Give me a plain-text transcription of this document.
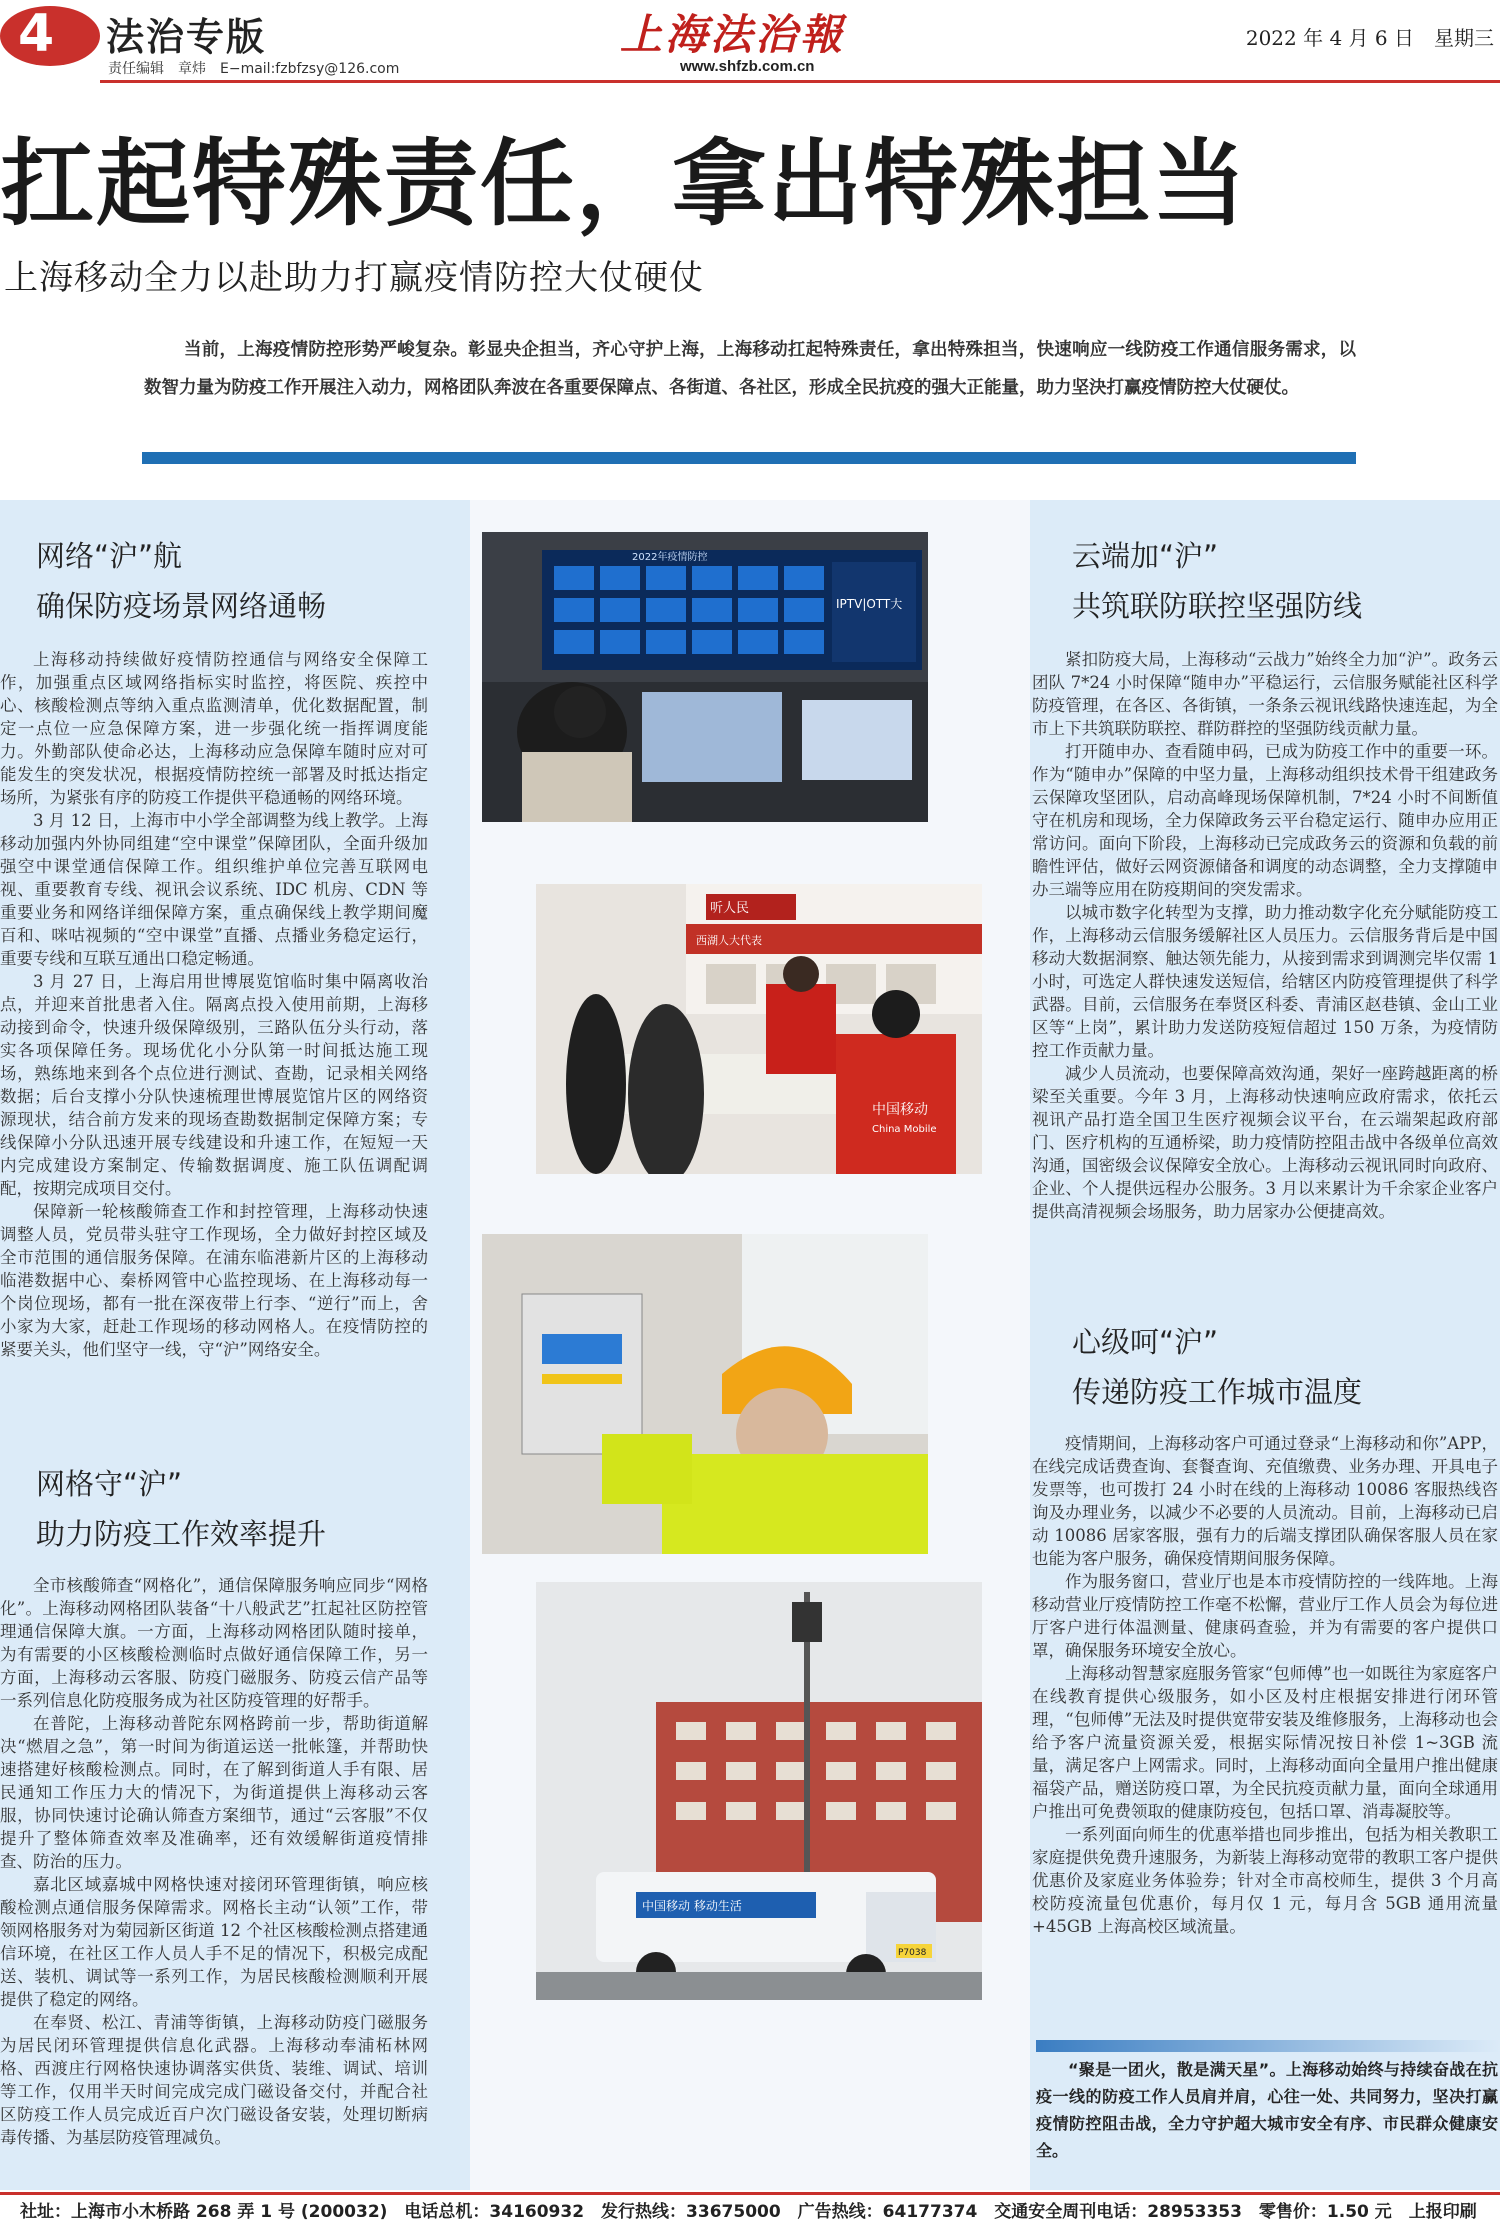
4 法治专版
责任编辑　章炜　E−mail:fzbfzsy@126.com
上海法治報
www.shfzb.com.cn
2022 年 4 月 6 日　星期三
扛起特殊责任，拿出特殊担当
上海移动全力以赴助力打赢疫情防控大仗硬仗
当前，上海疫情防控形势严峻复杂。彰显央企担当，齐心守护上海，上海移动扛起特殊责任，拿出特殊担当，快速响应一线防疫工作通信服务需求，以数智力量为防疫工作开展注入动力，网格团队奔波在各重要保障点、各街道、各社区，形成全民抗疫的强大正能量，助力坚決打赢疫情防控大仗硬仗。
网络“沪”航
确保防疫场景网络通畅

上海移动持续做好疫情防控通信与网络安全保障工作，加强重点区域网络指标实时监控，将医院、疾控中心、核酸检测点等纳入重点监测清单，优化数据配置，制定一点位一应急保障方案，进一步强化统一指挥调度能力。外勤部队使命必达，上海移动应急保障车随时应对可能发生的突发状况，根据疫情防控统一部署及时抵达指定场所，为紧张有序的防疫工作提供平稳通畅的网络环境。

3 月 12 日，上海市中小学全部调整为线上教学。上海移动加强内外协同组建“空中课堂”保障团队，全面升级加强空中课堂通信保障工作。组织维护单位完善互联网电视、重要教育专线、视讯会议系统、IDC 机房、CDN 等重要业务和网络详细保障方案，重点确保线上教学期间魔百和、咪咕视频的“空中课堂”直播、点播业务稳定运行，重要专线和互联互通出口稳定畅通。

3 月 27 日，上海启用世博展览馆临时集中隔离收治点，并迎来首批患者入住。隔离点投入使用前期，上海移动接到命令，快速升级保障级别，三路队伍分头行动，落实各项保障任务。现场优化小分队第一时间抵达施工现场，熟练地来到各个点位进行测试、查勘，记录相关网络数据；后台支撑小分队快速梳理世博展览馆片区的网络资源现状，结合前方发来的现场查勘数据制定保障方案；专线保障小分队迅速开展专线建设和升速工作，在短短一天内完成建设方案制定、传输数据调度、施工队伍调配调配，按期完成项目交付。

保障新一轮核酸筛查工作和封控管理，上海移动快速调整人员，党员带头驻守工作现场，全力做好封控区域及全市范围的通信服务保障。在浦东临港新片区的上海移动临港数据中心、秦桥网管中心监控现场、在上海移动每一个岗位现场，都有一批在深夜带上行李、“逆行”而上，舍小家为大家，赶赴工作现场的移动网格人。在疫情防控的紧要关头，他们坚守一线，守“沪”网络安全。

网格守“沪”
助力防疫工作效率提升

全市核酸筛查“网格化”，通信保障服务响应同步“网格化”。上海移动网格团队装备“十八般武艺”扛起社区防控管理通信保障大旗。一方面，上海移动网格团队随时接单，为有需要的小区核酸检测临时点做好通信保障工作，另一方面，上海移动云客服、防疫门磁服务、防疫云信产品等一系列信息化防疫服务成为社区防疫管理的好帮手。

在普陀，上海移动普陀东网格跨前一步，帮助街道解决“燃眉之急”，第一时间为街道运送一批帐篷，并帮助快速搭建好核酸检测点。同时，在了解到街道人手有限、居民通知工作压力大的情况下，为街道提供上海移动云客服，协同快速讨论确认筛查方案细节，通过“云客服”不仅提升了整体筛查效率及准确率，还有效缓解街道疫情排查、防治的压力。

嘉北区域嘉城中网格快速对接闭环管理街镇，响应核酸检测点通信服务保障需求。网格长主动“认领”工作，带领网格服务对为菊园新区街道 12 个社区核酸检测点搭建通信环境，在社区工作人员人手不足的情况下，积极完成配送、装机、调试等一系列工作，为居民核酸检测顺利开展提供了稳定的网络。

在奉贤、松江、青浦等街镇，上海移动防疫门磁服务为居民闭环管理提供信息化武器。上海移动奉浦柘林网格、西渡庄行网格快速协调落实供货、装维、调试、培训等工作，仅用半天时间完成完成门磁设备交付，并配合社区防疫工作人员完成近百户次门磁设备安装，处理切断病毒传播、为基层防疫管理减负。

IPTV|OTT大
2022年疫情防控
听人民
西湖人大代表
中国移动
China Mobile
中国移动 移动生活
P7038
云端加“沪”
共筑联防联控坚强防线

紧扣防疫大局，上海移动“云战力”始终全力加“沪”。政务云团队 7*24 小时保障“随申办”平稳运行，云信服务赋能社区科学防疫管理，在各区、各街镇，一条条云视讯线路快速连起，为全市上下共筑联防联控、群防群控的坚强防线贡献力量。

打开随申办、查看随申码，已成为防疫工作中的重要一环。作为“随申办”保障的中坚力量，上海移动组织技术骨干组建政务云保障攻坚团队，启动高峰现场保障机制，7*24 小时不间断值守在机房和现场，全力保障政务云平台稳定运行、随申办应用正常访问。面向下阶段，上海移动已完成政务云的资源和负载的前瞻性评估，做好云网资源储备和调度的动态调整，全力支撑随申办三端等应用在防疫期间的突发需求。

以城市数字化转型为支撑，助力推动数字化充分赋能防疫工作，上海移动云信服务缓解社区人员压力。云信服务背后是中国移动大数据洞察、触达领先能力，从接到需求到调测完毕仅需 1 小时，可选定人群快速发送短信，给辖区内防疫管理提供了科学武器。目前，云信服务在奉贤区科委、青浦区赵巷镇、金山工业区等“上岗”，累计助力发送防疫短信超过 150 万条，为疫情防控工作贡献力量。

减少人员流动，也要保障高效沟通，架好一座跨越距离的桥梁至关重要。今年 3 月，上海移动快速响应政府需求，依托云视讯产品打造全国卫生医疗视频会议平台，在云端架起政府部门、医疗机构的互通桥梁，助力疫情防控阻击战中各级单位高效沟通，国密级会议保障安全放心。上海移动云视讯同时向政府、企业、个人提供远程办公服务。3 月以来累计为千余家企业客户提供高清视频会场服务，助力居家办公便捷高效。

心级呵“沪”
传递防疫工作城市温度

疫情期间，上海移动客户可通过登录“上海移动和你”APP，在线完成话费查询、套餐查询、充值缴费、业务办理、开具电子发票等，也可拨打 24 小时在线的上海移动 10086 客服热线咨询及办理业务，以减少不必要的人员流动。目前，上海移动已启动 10086 居家客服，强有力的后端支撑团队确保客服人员在家也能为客户服务，确保疫情期间服务保障。

作为服务窗口，营业厅也是本市疫情防控的一线阵地。上海移动营业厅疫情防控工作毫不松懈，营业厅工作人员会为每位进厅客户进行体温测量、健康码查验，并为有需要的客户提供口罩，确保服务环境安全放心。

上海移动智慧家庭服务管家“包师傅”也一如既往为家庭客户在线教育提供心级服务，如小区及村庄根据安排进行闭环管理，“包师傅”无法及时提供宽带安装及维修服务，上海移动也会给予客户流量资源关爱，根据实际情况按日补偿 1~3GB 流量，满足客户上网需求。同时，上海移动面向全量用户推出健康福袋产品，赠送防疫口罩，为全民抗疫贡献力量，面向全球通用户推出可免费领取的健康防疫包，包括口罩、消毒凝胶等。

一系列面向师生的优惠举措也同步推出，包括为相关教职工家庭提供免费升速服务，为新装上海移动宽带的教职工客户提供优惠价及家庭业务体验券；针对全市高校师生，提供 3 个月高校防疫流量包优惠价，每月仅 1 元，每月含 5GB 通用流量 +45GB 上海高校区域流量。

“聚是一团火，散是满天星”。上海移动始终与持续奋战在抗疫一线的防疫工作人员肩并肩，心往一处、共同努力，坚决打赢疫情防控阻击战，全力守护超大城市安全有序、市民群众健康安全。
社址：上海市小木桥路 268 弄 1 号 (200032)　电话总机：34160932　发行热线：33675000　广告热线：64177374　交通安全周刊电话：28953353　零售价：1.50 元　上报印刷
